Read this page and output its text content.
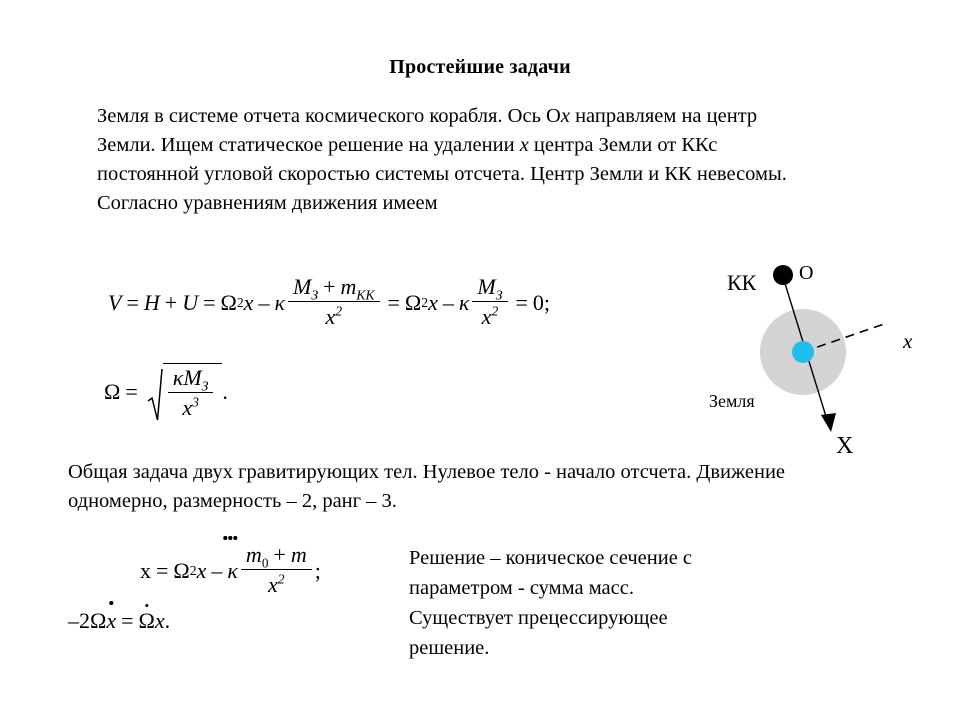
Простейшие задачи
Земля в системе отчета космического корабля. Ось Оx направляем на центр Земли. Ищем статическое решение на удалении x центра Земли от ККс постоянной угловой скоростью системы отсчета. Центр Земли и КК невесомы. Согласно уравнениям движения имеем
V = H + U = Ω 2 x – κ $\frac{M_З + m_{КК}}{x^2} = \Omega$ 2 x – κ $\frac{M_З}{x^2} = 0$;
$\Omega = \frac{\kappa M_З}{x^3}$ .
КК О
x
Земля
X
Общая задача двух гравитирующих тел. Нулевое тело - начало отсчета. Движение одномерно, размерность – 2, ранг – 3.
x = Ω 2 x – κ $\frac{m_0 + m}{x^2}$ ;
– 2 Ω x = Ω x .
Решение – коническое сечение с параметром - сумма масс. Существует прецессирующее решение.
